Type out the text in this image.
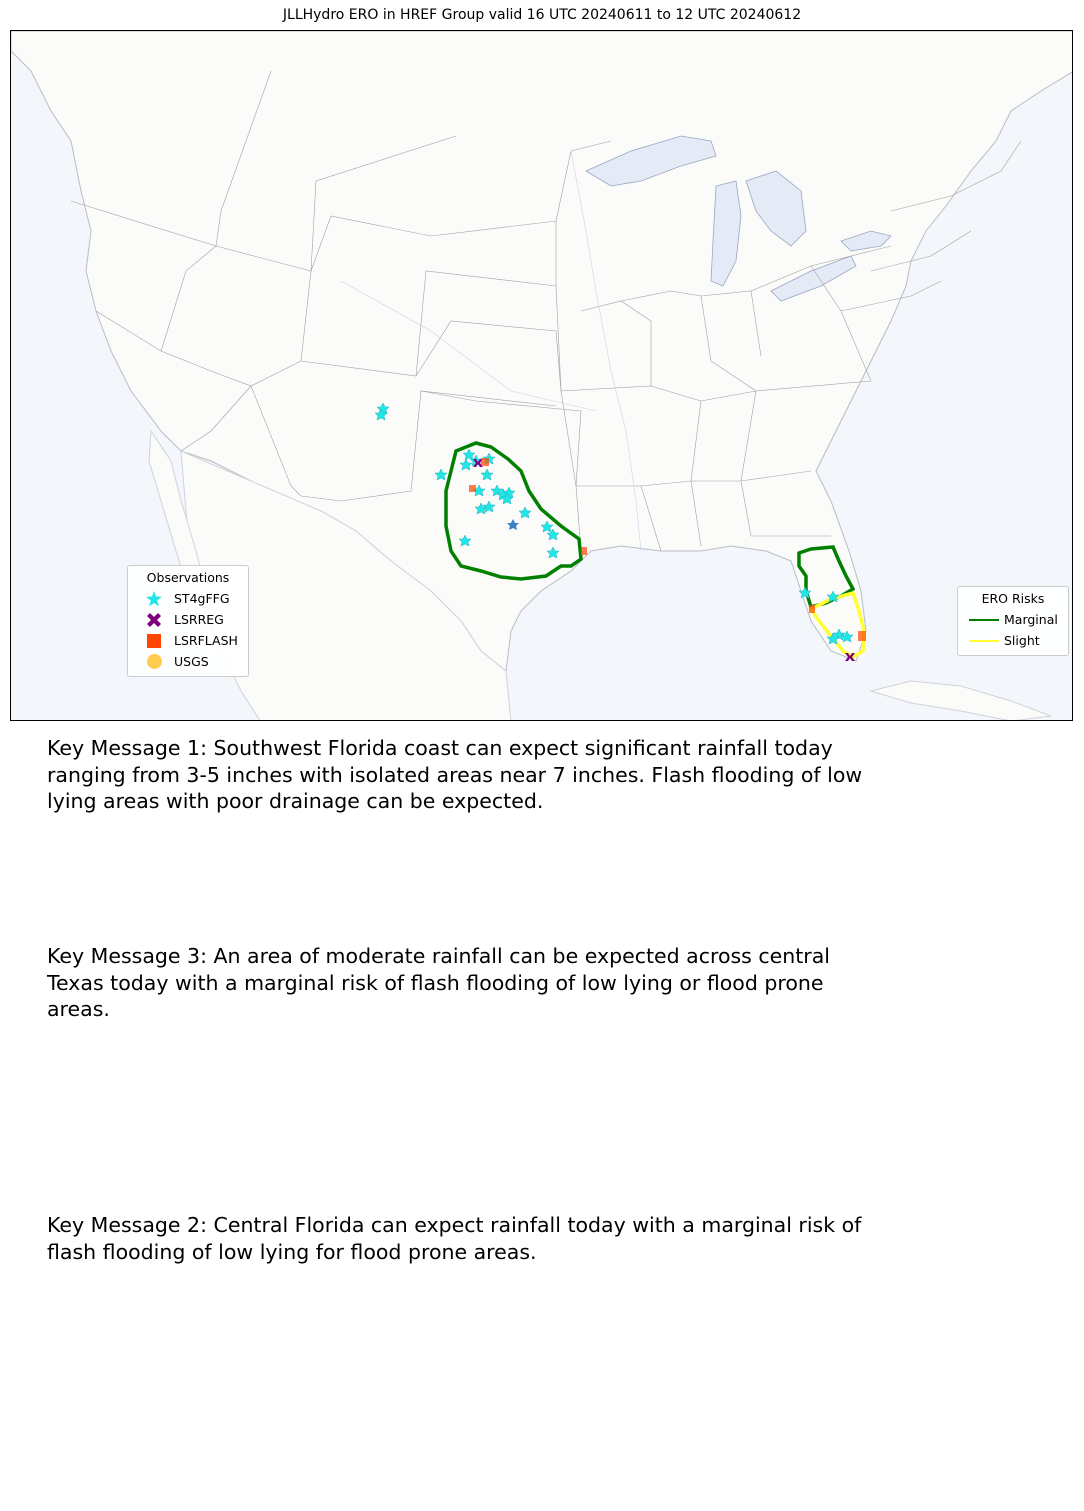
JLLHydro ERO in HREF Group valid 16 UTC 20240611 to 12 UTC 20240612
Observations
ST4gFFG
LSRREG
LSRFLASH
USGS
ERO Risks
Marginal
Slight
Key Message 1: Southwest Florida coast can expect significant rainfall today
ranging from 3-5 inches with isolated areas near 7 inches. Flash flooding of low
lying areas with poor drainage can be expected.
Key Message 3: An area of moderate rainfall can be expected across central
Texas today with a marginal risk of flash flooding of low lying or flood prone
areas.
Key Message 2: Central Florida can expect rainfall today with a marginal risk of
flash flooding of low lying for flood prone areas.
